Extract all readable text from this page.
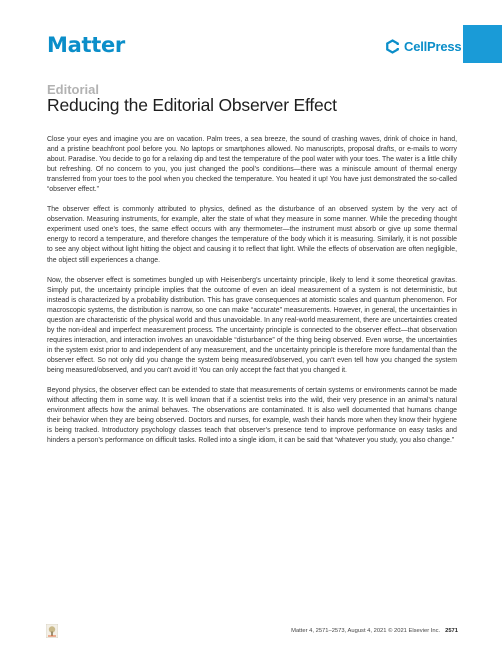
Matter	CellPress
Editorial
Reducing the Editorial Observer Effect

Close your eyes and imagine you are on vacation. Palm trees, a sea breeze, the sound of crashing waves, drink of choice in hand, and a pristine beachfront pool before you. No laptops or smartphones allowed. No manuscripts, proposal drafts, or e-mails to worry about. Paradise. You decide to go for a relaxing dip and test the temperature of the pool water with your toes. The water is a little chilly but refreshing. Of no concern to you, you just changed the pool’s conditions—there was a miniscule amount of thermal energy transferred from your toes to the pool when you checked the temperature. You heated it up! You have just demonstrated the so-called “observer effect.”

The observer effect is commonly attributed to physics, defined as the disturbance of an observed system by the very act of observation. Measuring instruments, for example, alter the state of what they measure in some manner. While the preceding thought experiment used one’s toes, the same effect occurs with any thermometer—the instrument must absorb or give up some thermal energy to record a temperature, and therefore changes the temperature of the body which it is measuring. Similarly, it is not possible to see any object without light hitting the object and causing it to reflect that light. While the effects of observation are often negligible, the object still experiences a change.

Now, the observer effect is sometimes bungled up with Heisenberg’s uncertainty principle, likely to lend it some theoretical gravitas. Simply put, the uncertainty principle implies that the outcome of even an ideal measurement of a system is not deterministic, but instead is characterized by a probability distribution. This has grave consequences at atomistic scales and quantum phenomenon. For macroscopic systems, the distribution is narrow, so one can make “accurate” measurements. However, in general, the uncertainties in question are characteristic of the physical world and thus unavoidable. In any real-world measurement, there are uncertainties created by the non-ideal and imperfect measurement process. The uncertainty principle is connected to the observer effect—that observation requires interaction, and interaction involves an unavoidable “disturbance” of the thing being observed. Even worse, the uncertainties in the system exist prior to and independent of any measurement, and the uncertainty principle is therefore more fundamental than the observer effect. So not only did you change the system being measured/observed, you can’t even tell how you changed the system being measured/observed, and you can’t avoid it! You can only accept the fact that you changed it.

Beyond physics, the observer effect can be extended to state that measurements of certain systems or environments cannot be made without affecting them in some way. It is well known that if a scientist treks into the wild, their very presence in an animal’s natural environment affects how the animal behaves. The observations are contaminated. It is also well documented that humans change their behavior when they are being observed. Doctors and nurses, for example, wash their hands more when they know their hygiene is being tracked. Introductory psychology classes teach that observer’s presence tend to improve performance on easy tasks and hinders a person’s performance on difficult tasks. Rolled into a single idiom, it can be said that “whatever you study, you also change.”

Matter 4, 2571–2573, August 4, 2021 © 2021 Elsevier Inc. 2571
